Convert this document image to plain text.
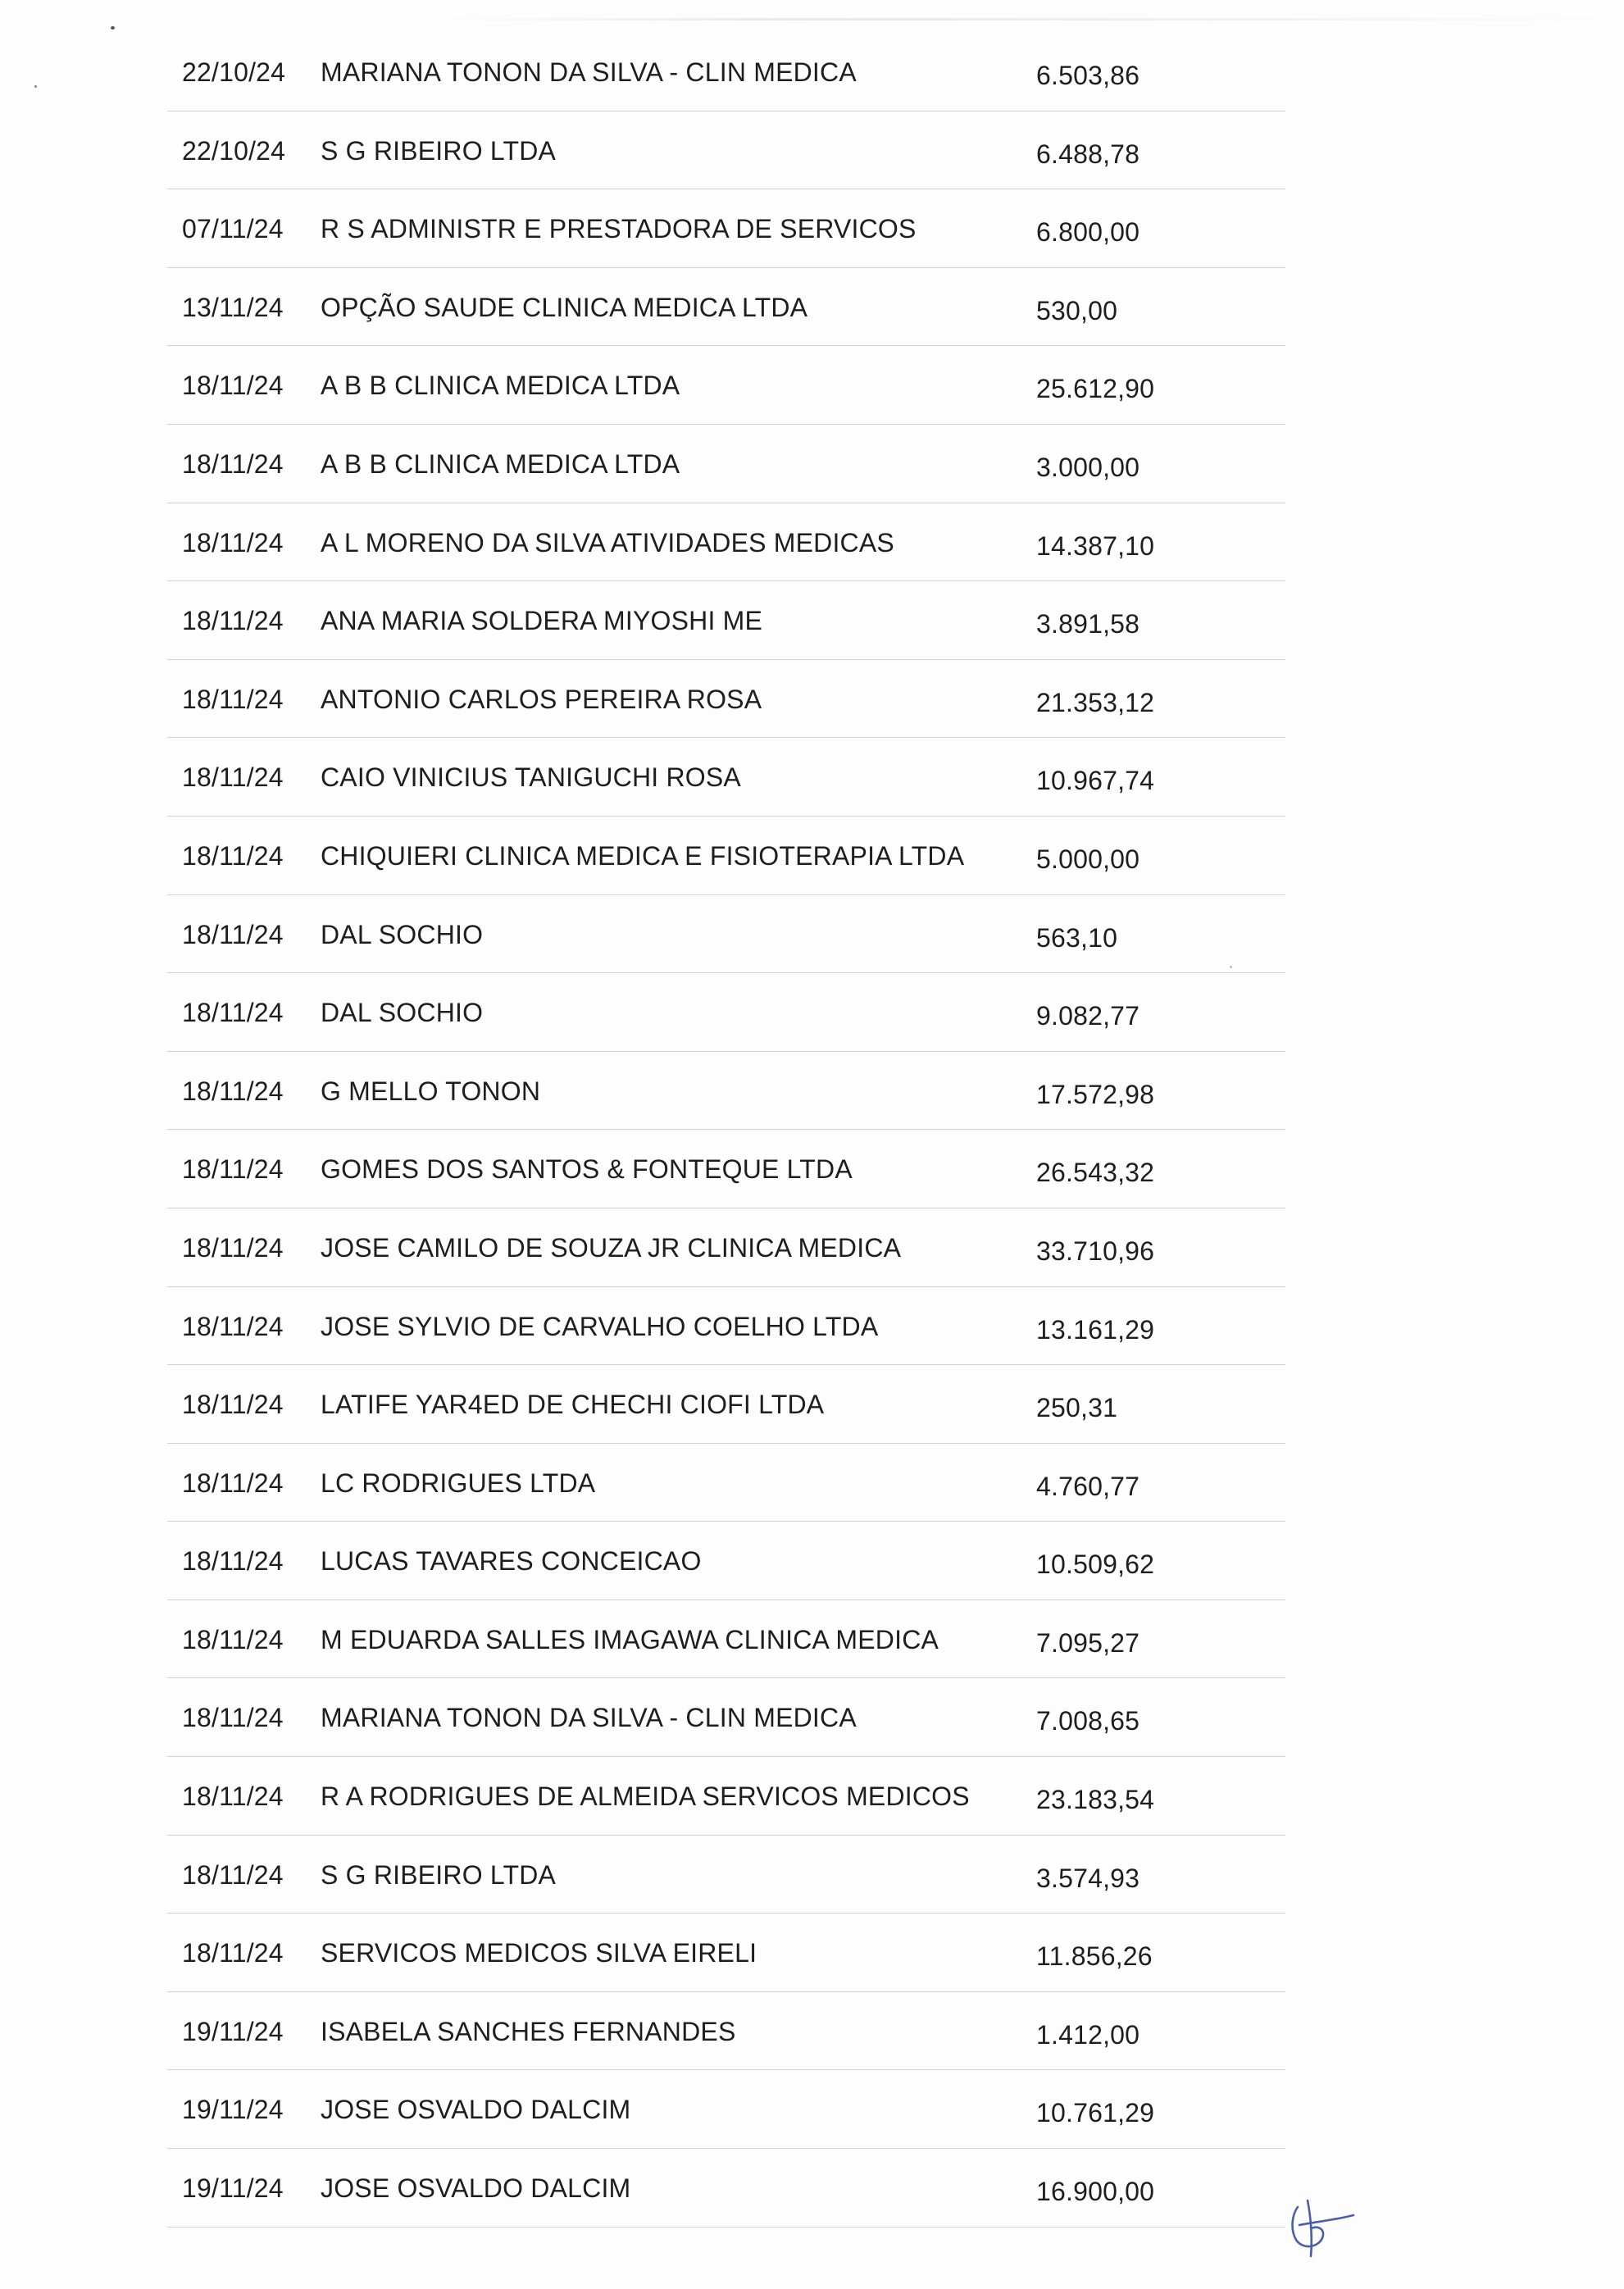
22/10/24 MARIANA TONON DA SILVA - CLIN MEDICA	6.503,86
22/10/24 S G RIBEIRO LTDA	6.488,78
07/11/24 R S ADMINISTR E PRESTADORA DE SERVICOS	6.800,00
13/11/24 OPÇÃO SAUDE CLINICA MEDICA LTDA	530,00
18/11/24 A B B CLINICA MEDICA LTDA	25.612,90
18/11/24 A B B CLINICA MEDICA LTDA	3.000,00
18/11/24 A L MORENO DA SILVA ATIVIDADES MEDICAS	14.387,10
18/11/24 ANA MARIA SOLDERA MIYOSHI ME	3.891,58
18/11/24 ANTONIO CARLOS PEREIRA ROSA	21.353,12
18/11/24 CAIO VINICIUS TANIGUCHI ROSA	10.967,74
18/11/24 CHIQUIERI CLINICA MEDICA E FISIOTERAPIA LTDA	5.000,00
18/11/24 DAL SOCHIO	563,10
18/11/24 DAL SOCHIO	9.082,77
18/11/24 G MELLO TONON	17.572,98
18/11/24 GOMES DOS SANTOS & FONTEQUE LTDA	26.543,32
18/11/24 JOSE CAMILO DE SOUZA JR CLINICA MEDICA	33.710,96
18/11/24 JOSE SYLVIO DE CARVALHO COELHO LTDA	13.161,29
18/11/24 LATIFE YAR4ED DE CHECHI CIOFI LTDA	250,31
18/11/24 LC RODRIGUES LTDA	4.760,77
18/11/24 LUCAS TAVARES CONCEICAO	10.509,62
18/11/24 M EDUARDA SALLES IMAGAWA CLINICA MEDICA	7.095,27
18/11/24 MARIANA TONON DA SILVA - CLIN MEDICA	7.008,65
18/11/24 R A RODRIGUES DE ALMEIDA SERVICOS MEDICOS	23.183,54
18/11/24 S G RIBEIRO LTDA	3.574,93
18/11/24 SERVICOS MEDICOS SILVA EIRELI	11.856,26
19/11/24 ISABELA SANCHES FERNANDES	1.412,00
19/11/24 JOSE OSVALDO DALCIM	10.761,29
19/11/24 JOSE OSVALDO DALCIM	16.900,00
